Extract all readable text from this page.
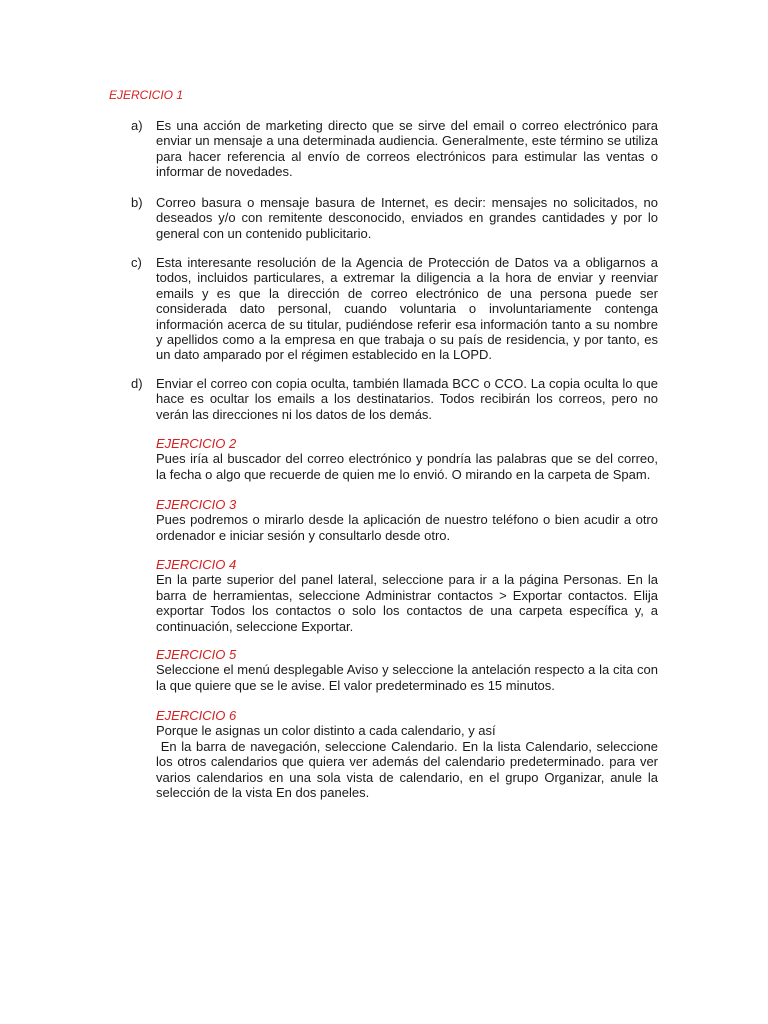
EJERCICIO 1
a) Es una acción de marketing directo que se sirve del email o correo electrónico para enviar un mensaje a una determinada audiencia. Generalmente, este término se utiliza para hacer referencia al envío de correos electrónicos para estimular las ventas o informar de novedades.
b) Correo basura o mensaje basura de Internet, es decir: mensajes no solicitados, no deseados y/o con remitente desconocido, enviados en grandes cantidades y por lo general con un contenido publicitario.
c) Esta interesante resolución de la Agencia de Protección de Datos va a obligarnos a todos, incluidos particulares, a extremar la diligencia a la hora de enviar y reenviar emails y es que la dirección de correo electrónico de una persona puede ser considerada dato personal, cuando voluntaria o involuntariamente contenga información acerca de su titular, pudiéndose referir esa información tanto a su nombre y apellidos como a la empresa en que trabaja o su país de residencia, y por tanto, es un dato amparado por el régimen establecido en la LOPD.
d) Enviar el correo con copia oculta, también llamada BCC o CCO. La copia oculta lo que hace es ocultar los emails a los destinatarios. Todos recibirán los correos, pero no verán las direcciones ni los datos de los demás.
EJERCICIO 2

Pues iría al buscador del correo electrónico y pondría las palabras que se del correo, la fecha o algo que recuerde de quien me lo envió. O mirando en la carpeta de Spam.

EJERCICIO 3

Pues podremos o mirarlo desde la aplicación de nuestro teléfono o bien acudir a otro ordenador e iniciar sesión y consultarlo desde otro.

EJERCICIO 4

En la parte superior del panel lateral, seleccione para ir a la página Personas. En la barra de herramientas, seleccione Administrar contactos > Exportar contactos. Elija exportar Todos los contactos o solo los contactos de una carpeta específica y, a continuación, seleccione Exportar.

EJERCICIO 5

Seleccione el menú desplegable Aviso y seleccione la antelación respecto a la cita con la que quiere que se le avise. El valor predeterminado es 15 minutos.

EJERCICIO 6

Porque le asignas un color distinto a cada calendario, y así

En la barra de navegación, seleccione Calendario. En la lista Calendario, seleccione los otros calendarios que quiera ver además del calendario predeterminado. para ver varios calendarios en una sola vista de calendario, en el grupo Organizar, anule la selección de la vista En dos paneles.
